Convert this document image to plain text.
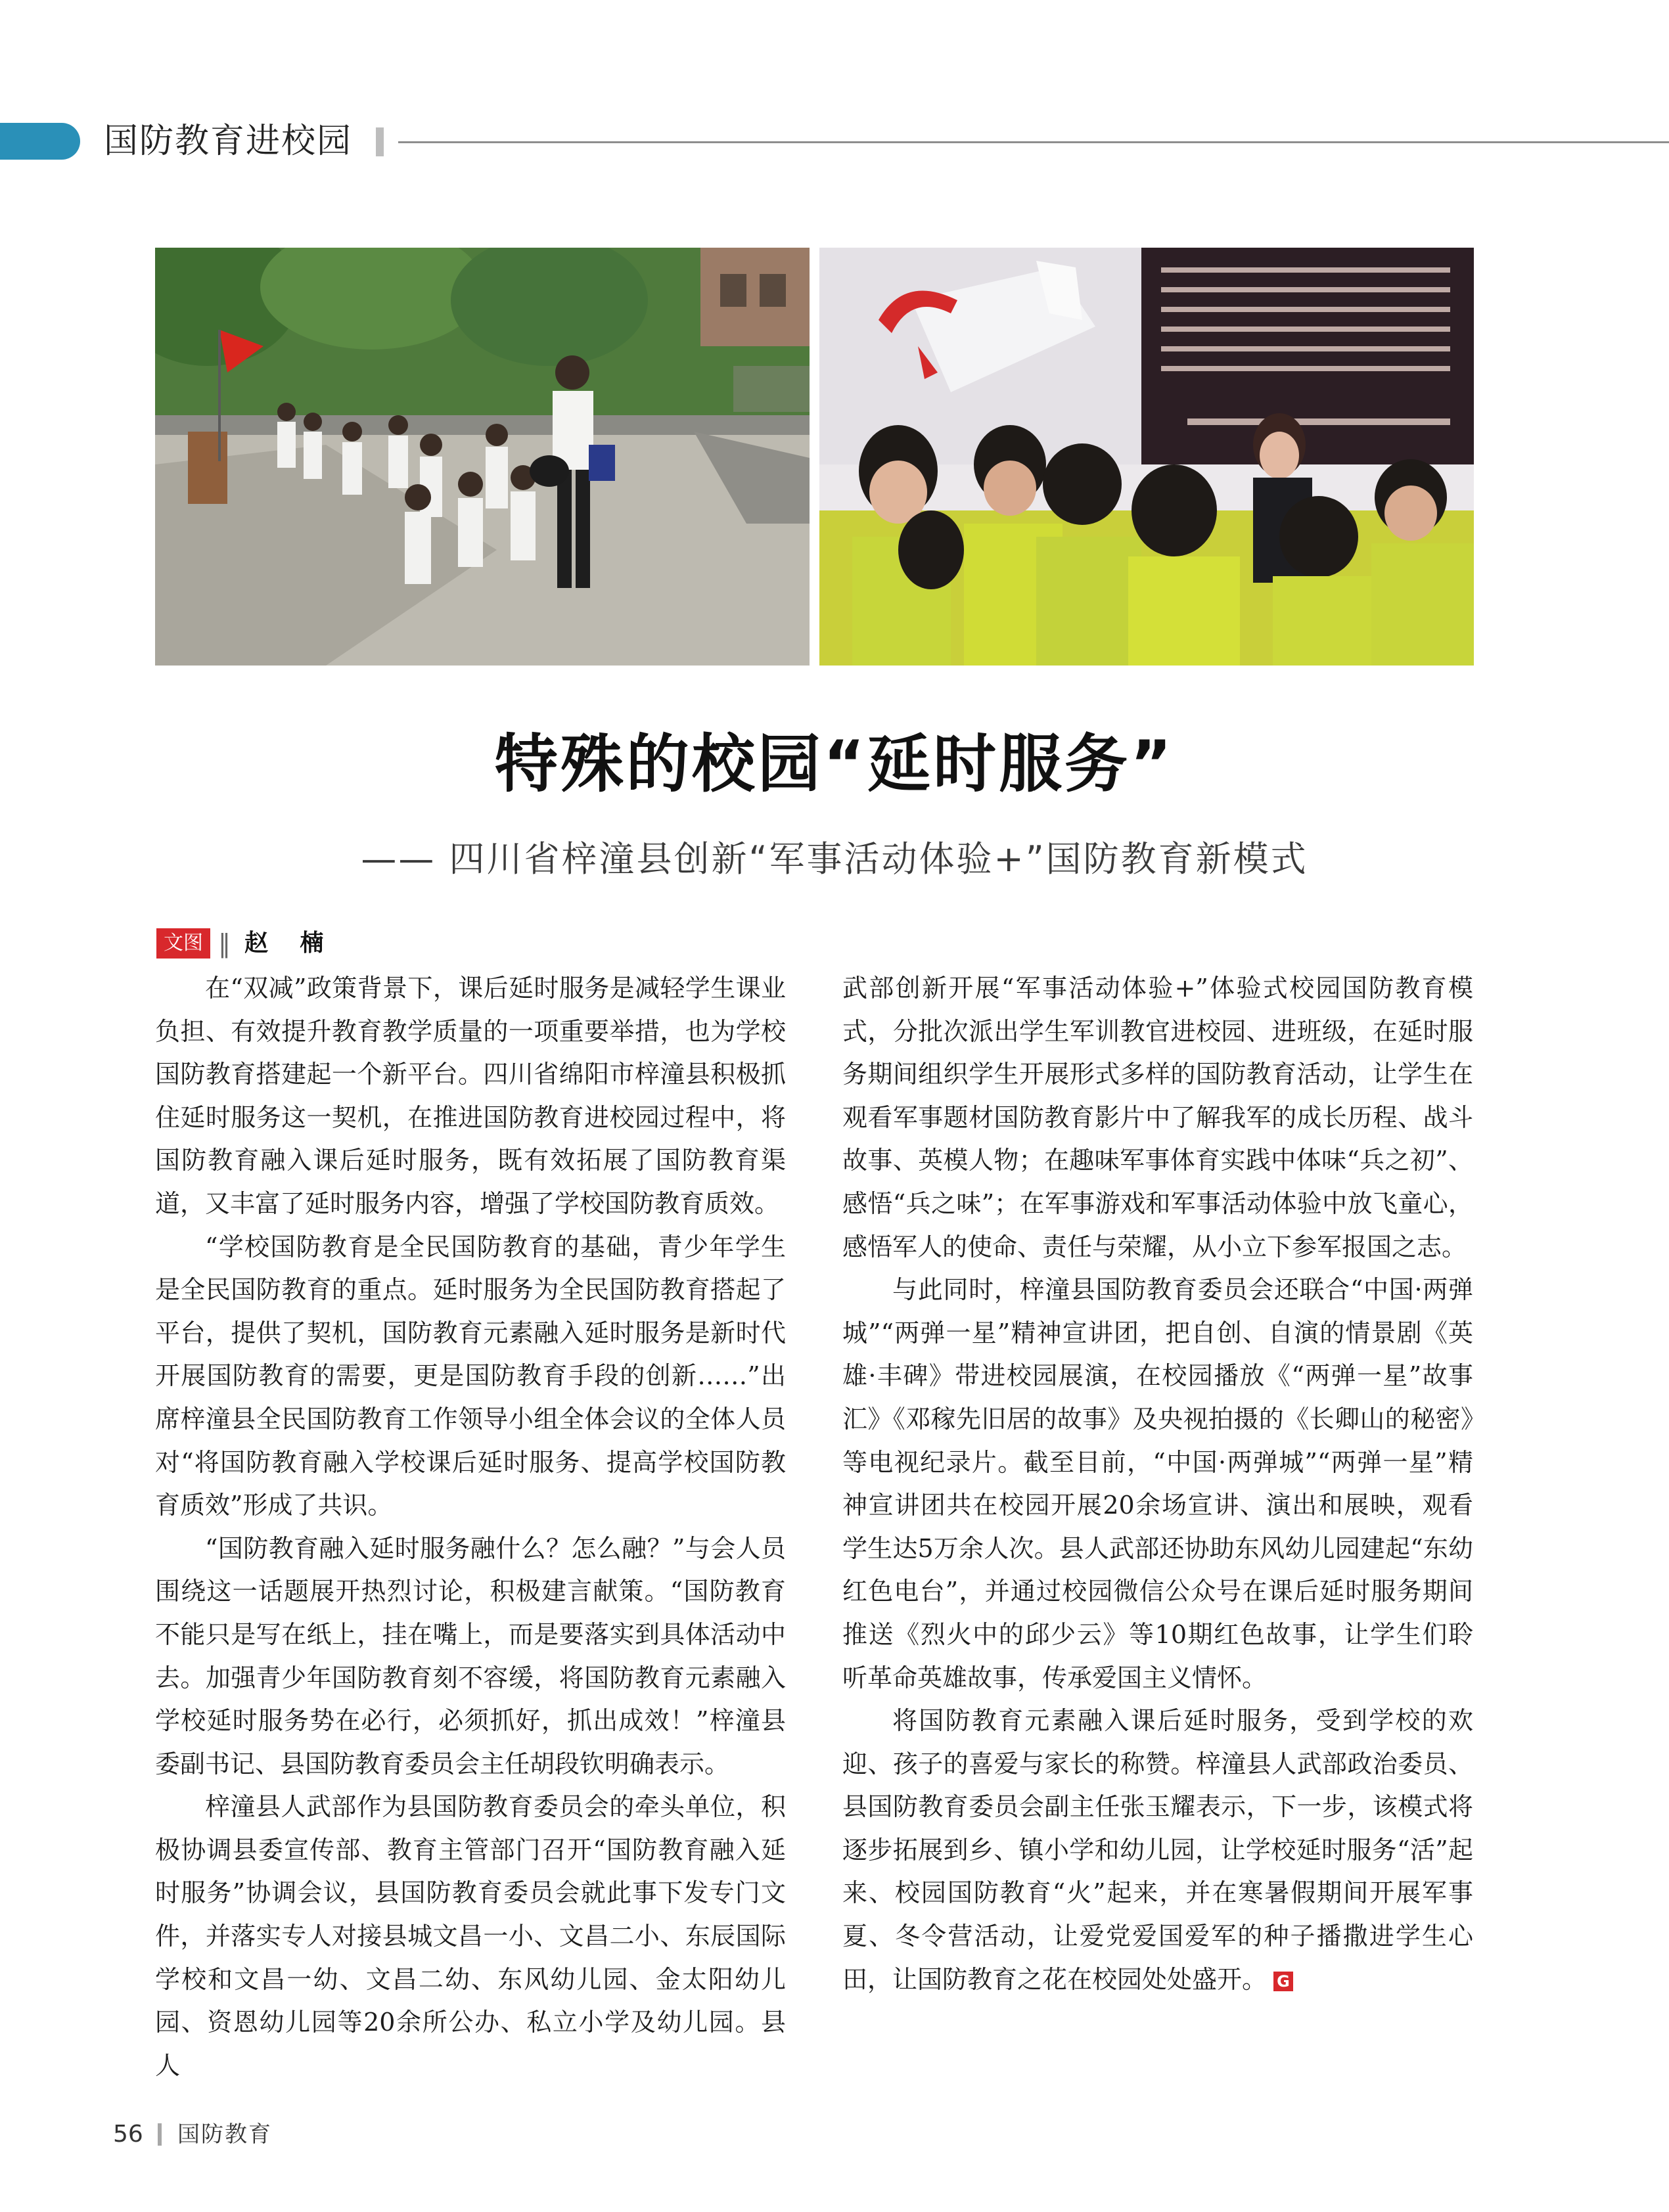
国防教育进校园
特殊的校园“延时服务”
—— 四川省梓潼县创新“军事活动体验+”国防教育新模式
文图 ‖ 赵 楠

在“双减”政策背景下，课后延时服务是减轻学生课业负担、有效提升教育教学质量的一项重要举措，也为学校国防教育搭建起一个新平台。四川省绵阳市梓潼县积极抓住延时服务这一契机，在推进国防教育进校园过程中，将国防教育融入课后延时服务，既有效拓展了国防教育渠道，又丰富了延时服务内容，增强了学校国防教育质效。

“学校国防教育是全民国防教育的基础，青少年学生是全民国防教育的重点。延时服务为全民国防教育搭起了平台，提供了契机，国防教育元素融入延时服务是新时代开展国防教育的需要，更是国防教育手段的创新……”出席梓潼县全民国防教育工作领导小组全体会议的全体人员对“将国防教育融入学校课后延时服务、提高学校国防教育质效”形成了共识。

“国防教育融入延时服务融什么？怎么融？”与会人员围绕这一话题展开热烈讨论，积极建言献策。“国防教育不能只是写在纸上，挂在嘴上，而是要落实到具体活动中去。加强青少年国防教育刻不容缓，将国防教育元素融入学校延时服务势在必行，必须抓好，抓出成效！”梓潼县委副书记、县国防教育委员会主任胡段钦明确表示。

梓潼县人武部作为县国防教育委员会的牵头单位，积极协调县委宣传部、教育主管部门召开“国防教育融入延时服务”协调会议，县国防教育委员会就此事下发专门文件，并落实专人对接县城文昌一小、文昌二小、东辰国际学校和文昌一幼、文昌二幼、东风幼儿园、金太阳幼儿园、资恩幼儿园等20余所公办、私立小学及幼儿园。县人

武部创新开展“军事活动体验+”体验式校园国防教育模式，分批次派出学生军训教官进校园、进班级，在延时服务期间组织学生开展形式多样的国防教育活动，让学生在观看军事题材国防教育影片中了解我军的成长历程、战斗故事、英模人物；在趣味军事体育实践中体味“兵之初”、感悟“兵之味”；在军事游戏和军事活动体验中放飞童心，感悟军人的使命、责任与荣耀，从小立下参军报国之志。

与此同时，梓潼县国防教育委员会还联合“中国·两弹城”“两弹一星”精神宣讲团，把自创、自演的情景剧《英雄·丰碑》带进校园展演，在校园播放《“两弹一星”故事汇》《邓稼先旧居的故事》及央视拍摄的《长卿山的秘密》等电视纪录片。截至目前，“中国·两弹城”“两弹一星”精神宣讲团共在校园开展20余场宣讲、演出和展映，观看学生达5万余人次。县人武部还协助东风幼儿园建起“东幼红色电台”，并通过校园微信公众号在课后延时服务期间推送《烈火中的邱少云》等10期红色故事，让学生们聆听革命英雄故事，传承爱国主义情怀。

将国防教育元素融入课后延时服务，受到学校的欢迎、孩子的喜爱与家长的称赞。梓潼县人武部政治委员、县国防教育委员会副主任张玉耀表示，下一步，该模式将逐步拓展到乡、镇小学和幼儿园，让学校延时服务“活”起来、校园国防教育“火”起来，并在寒暑假期间开展军事夏、冬令营活动，让爱党爱国爱军的种子播撒进学生心田，让国防教育之花在校园处处盛开。 G

56 国防教育
